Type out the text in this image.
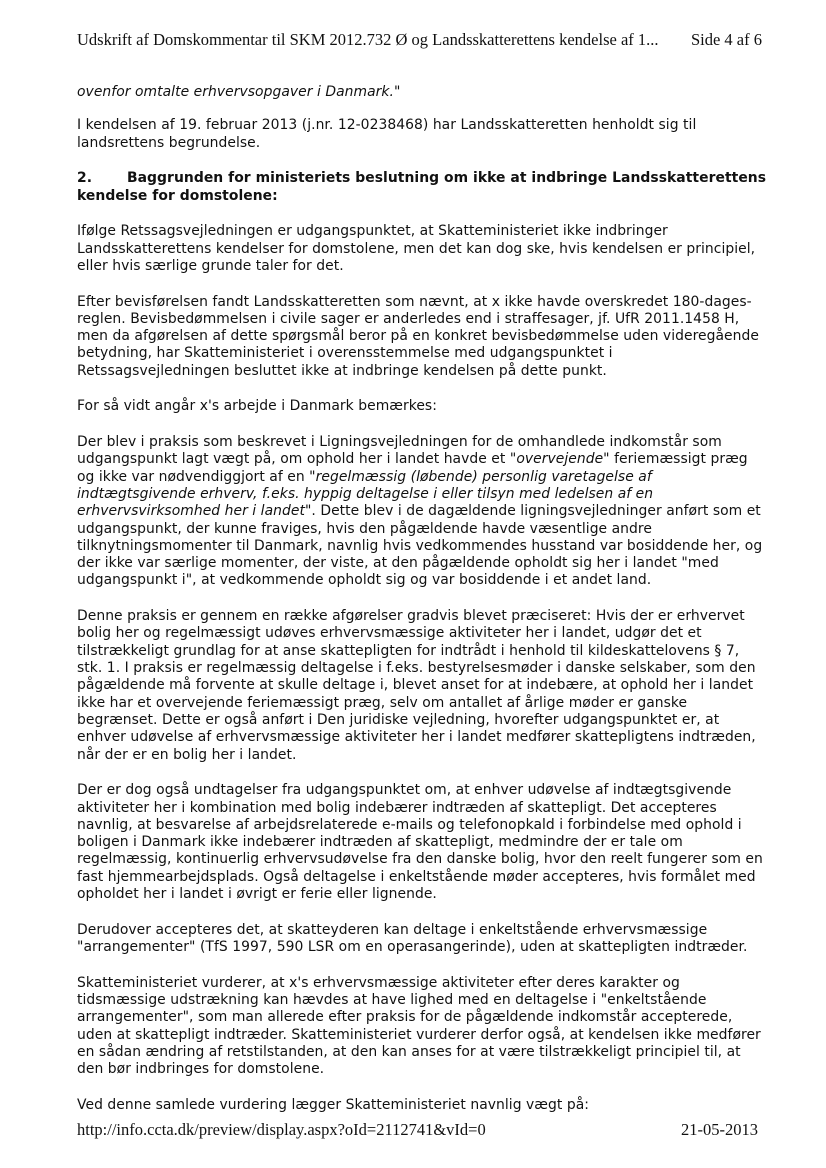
Udskrift af Domskommentar til SKM 2012.732 Ø og Landsskatterettens kendelse af 1... Side 4 af 6

ovenfor omtalte erhvervsopgaver i Danmark."

I kendelsen af 19. februar 2013 (j.nr. 12-0238468) har Landsskatteretten henholdt sig til landsrettens begrundelse.

2.	Baggrunden for ministeriets beslutning om ikke at indbringe Landsskatterettens kendelse for domstolene:

Ifølge Retssagsvejledningen er udgangspunktet, at Skatteministeriet ikke indbringer Landsskatterettens kendelser for domstolene, men det kan dog ske, hvis kendelsen er principiel, eller hvis særlige grunde taler for det.

Efter bevisførelsen fandt Landsskatteretten som nævnt, at x ikke havde overskredet 180-dages-reglen. Bevisbedømmelsen i civile sager er anderledes end i straffesager, jf. UfR 2011.1458 H, men da afgørelsen af dette spørgsmål beror på en konkret bevisbedømmelse uden videregående betydning, har Skatteministeriet i overensstemmelse med udgangspunktet i Retssagsvejledningen besluttet ikke at indbringe kendelsen på dette punkt.

For så vidt angår x's arbejde i Danmark bemærkes:

Der blev i praksis som beskrevet i Ligningsvejledningen for de omhandlede indkomstår som udgangspunkt lagt vægt på, om ophold her i landet havde et "overvejende" feriemæssigt præg og ikke var nødvendiggjort af en "regelmæssig (løbende) personlig varetagelse af indtægtsgivende erhverv, f.eks. hyppig deltagelse i eller tilsyn med ledelsen af en erhvervsvirksomhed her i landet". Dette blev i de dagældende ligningsvejledninger anført som et udgangspunkt, der kunne fraviges, hvis den pågældende havde væsentlige andre tilknytningsmomenter til Danmark, navnlig hvis vedkommendes husstand var bosiddende her, og der ikke var særlige momenter, der viste, at den pågældende opholdt sig her i landet "med udgangspunkt i", at vedkommende opholdt sig og var bosiddende i et andet land.

Denne praksis er gennem en række afgørelser gradvis blevet præciseret: Hvis der er erhvervet bolig her og regelmæssigt udøves erhvervsmæssige aktiviteter her i landet, udgør det et tilstrækkeligt grundlag for at anse skattepligten for indtrådt i henhold til kildeskattelovens § 7, stk. 1. I praksis er regelmæssig deltagelse i f.eks. bestyrelsesmøder i danske selskaber, som den pågældende må forvente at skulle deltage i, blevet anset for at indebære, at ophold her i landet ikke har et overvejende feriemæssigt præg, selv om antallet af årlige møder er ganske begrænset. Dette er også anført i Den juridiske vejledning, hvorefter udgangspunktet er, at enhver udøvelse af erhvervsmæssige aktiviteter her i landet medfører skattepligtens indtræden, når der er en bolig her i landet.

Der er dog også undtagelser fra udgangspunktet om, at enhver udøvelse af indtægtsgivende aktiviteter her i kombination med bolig indebærer indtræden af skattepligt. Det accepteres navnlig, at besvarelse af arbejdsrelaterede e-mails og telefonopkald i forbindelse med ophold i boligen i Danmark ikke indebærer indtræden af skattepligt, medmindre der er tale om regelmæssig, kontinuerlig erhvervsudøvelse fra den danske bolig, hvor den reelt fungerer som en fast hjemmearbejdsplads. Også deltagelse i enkeltstående møder accepteres, hvis formålet med opholdet her i landet i øvrigt er ferie eller lignende.

Derudover accepteres det, at skatteyderen kan deltage i enkeltstående erhvervsmæssige "arrangementer" (TfS 1997, 590 LSR om en operasangerinde), uden at skattepligten indtræder.

Skatteministeriet vurderer, at x's erhvervsmæssige aktiviteter efter deres karakter og tidsmæssige udstrækning kan hævdes at have lighed med en deltagelse i "enkeltstående arrangementer", som man allerede efter praksis for de pågældende indkomstår accepterede, uden at skattepligt indtræder. Skatteministeriet vurderer derfor også, at kendelsen ikke medfører en sådan ændring af retstilstanden, at den kan anses for at være tilstrækkeligt principiel til, at den bør indbringes for domstolene.

Ved denne samlede vurdering lægger Skatteministeriet navnlig vægt på:

http://info.ccta.dk/preview/display.aspx?oId=2112741&vId=0	21-05-2013
